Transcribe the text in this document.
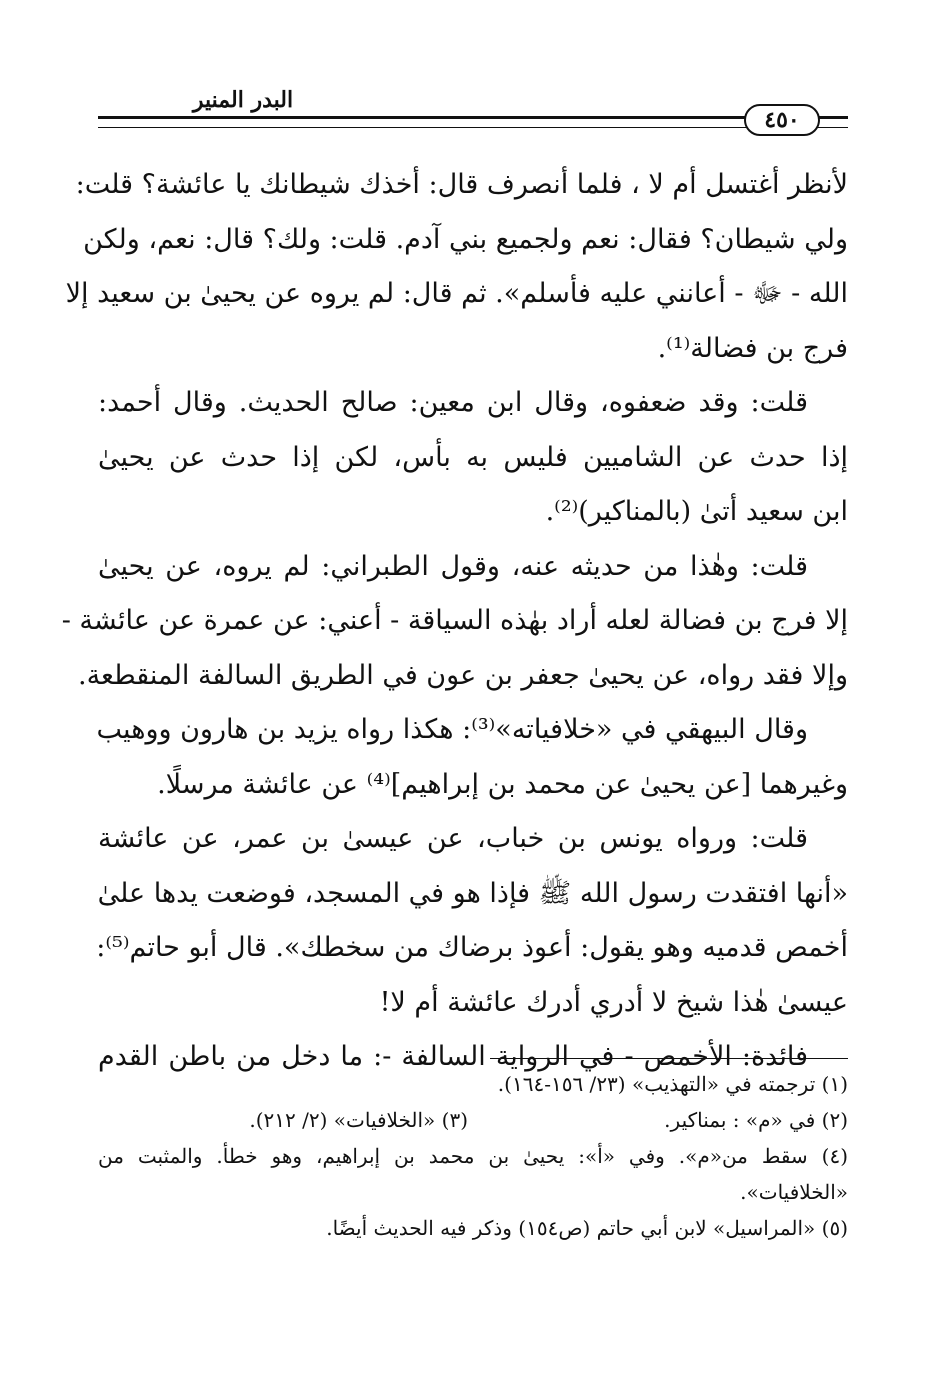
البدر المنير
٤٥٠
لأنظر أغتسل أم لا ، فلما أنصرف قال: أخذك شيطانك يا عائشة؟ قلت:
ولي شيطان؟ فقال: نعم ولجميع بني آدم. قلت: ولك؟ قال: نعم، ولكن
الله - ﷻ - أعانني عليه فأسلم». ثم قال: لم يروه عن يحيىٰ بن سعيد إلا
فرج بن فضالة⁽¹⁾.
قلت: وقد ضعفوه، وقال ابن معين: صالح الحديث. وقال أحمد:
إذا حدث عن الشاميين فليس به بأس، لكن إذا حدث عن يحيىٰ
ابن سعيد أتىٰ (بالمناكير)⁽²⁾.
قلت: وهٰذا من حديثه عنه، وقول الطبراني: لم يروه، عن يحيىٰ
إلا فرج بن فضالة لعله أراد بهٰذه السياقة - أعني: عن عمرة عن عائشة -
وإلا فقد رواه، عن يحيىٰ جعفر بن عون في الطريق السالفة المنقطعة.
وقال البيهقي في «خلافياته»⁽³⁾: هكذا رواه يزيد بن هارون ووهيب
وغيرهما [عن يحيىٰ عن محمد بن إبراهيم]⁽⁴⁾ عن عائشة مرسلًا.
قلت: ورواه يونس بن خباب، عن عيسىٰ بن عمر، عن عائشة
«أنها افتقدت رسول الله ﷺ فإذا هو في المسجد، فوضعت يدها علىٰ
أخمص قدميه وهو يقول: أعوذ برضاك من سخطك». قال أبو حاتم⁽⁵⁾:
عيسىٰ هٰذا شيخ لا أدري أدرك عائشة أم لا!
فائدة: الأخمص - في الرواية السالفة -: ما دخل من باطن القدم
(١) ترجمته في «التهذيب» (٢٣/ ١٥٦-١٦٤).
(٢) في «م» : بمناكير.
(٣) «الخلافيات» (٢/ ٢١٢).
(٤) سقط من«م». وفي «أ»: يحيىٰ بن محمد بن إبراهيم، وهو خطأ. والمثبت من
«الخلافيات».
(٥) «المراسيل» لابن أبي حاتم (ص١٥٤) وذكر فيه الحديث أيضًا.
